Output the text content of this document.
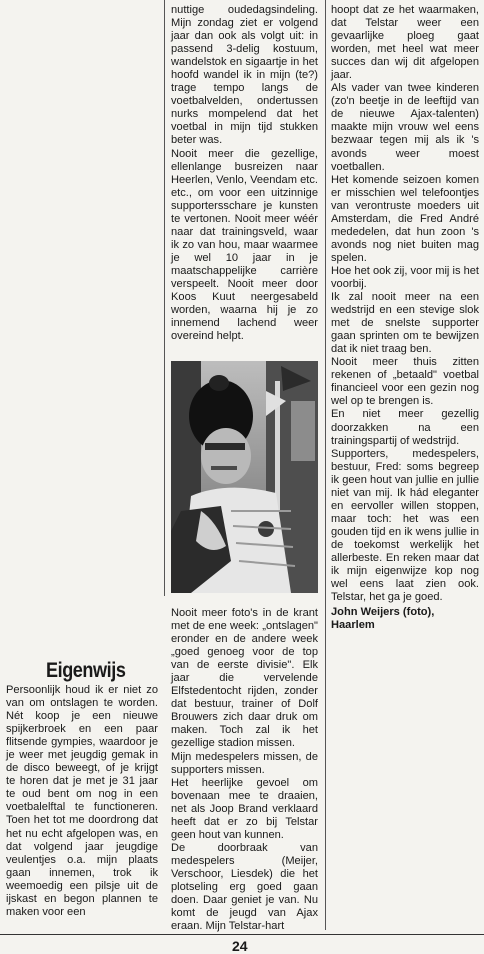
nuttige oudedagsindeling. Mijn zondag ziet er volgend jaar dan ook als volgt uit: in passend 3-delig kostuum, wandelstok en sigaartje in het hoofd wandel ik in mijn (te?) trage tempo langs de voetbalvelden, ondertussen nurks mompelend dat het voetbal in mijn tijd stukken beter was.

Nooit meer die gezellige, ellenlange busreizen naar Heerlen, Venlo, Veendam etc. etc., om voor een uitzinnige supportersschare je kunsten te vertonen. Nooit meer wéér naar dat trainingsveld, waar ik zo van hou, maar waarmee je wel 10 jaar in je maatschappelijke carrière verspeelt. Nooit meer door Koos Kuut neergesabeld worden, waarna hij je zo innemend lachend weer overeind helpt.

Nooit meer foto's in de krant met de ene week: „ontslagen" eronder en de andere week „goed genoeg voor de top van de eerste divisie". Elk jaar die vervelende Elfstedentocht rijden, zonder dat bestuur, trainer of Dolf Brouwers zich daar druk om maken. Toch zal ik het gezellige stadion missen.

Mijn medespelers missen, de supporters missen.

Het heerlijke gevoel om bovenaan mee te draaien, net als Joop Brand verklaard heeft dat er zo bij Telstar geen hout van kunnen.

De doorbraak van medespelers (Meijer, Verschoor, Liesdek) die het plotseling erg goed gaan doen. Daar geniet je van. Nu komt de jeugd van Ajax eraan. Mijn Telstar-hart

Eigenwijs

Persoonlijk houd ik er niet zo van om ontslagen te worden. Nét koop je een nieuwe spijkerbroek en een paar flitsende gympies, waardoor je je weer met jeugdig gemak in de disco beweegt, of je krijgt te horen dat je met je 31 jaar te oud bent om nog in een voetbalelftal te functioneren. Toen het tot me doordrong dat het nu echt afgelopen was, en dat volgend jaar jeugdige veulentjes o.a. mijn plaats gaan innemen, trok ik weemoedig een pilsje uit de ijskast en begon plannen te maken voor een

hoopt dat ze het waarmaken, dat Telstar weer een gevaarlijke ploeg gaat worden, met heel wat meer succes dan wij dit afgelopen jaar.

Als vader van twee kinderen (zo'n beetje in de leeftijd van de nieuwe Ajax-talenten) maakte mijn vrouw wel eens bezwaar tegen mij als ik 's avonds weer moest voetballen.

Het komende seizoen komen er misschien wel telefoontjes van verontruste moeders uit Amsterdam, die Fred André mededelen, dat hun zoon 's avonds nog niet buiten mag spelen.

Hoe het ook zij, voor mij is het voorbij.

Ik zal nooit meer na een wedstrijd en een stevige slok met de snelste supporter gaan sprinten om te bewijzen dat ik niet traag ben.

Nooit meer thuis zitten rekenen of „betaald" voetbal financieel voor een gezin nog wel op te brengen is.

En niet meer gezellig doorzakken na een trainingspartij of wedstrijd.

Supporters, medespelers, bestuur, Fred: soms begreep ik geen hout van jullie en jullie niet van mij. Ik hád eleganter en eervoller willen stoppen, maar toch: het was een gouden tijd en ik wens jullie in de toekomst werkelijk het allerbeste. En reken maar dat ik mijn eigenwijze kop nog wel eens laat zien ook. Telstar, het ga je goed.

John Weijers (foto),
Haarlem
24
